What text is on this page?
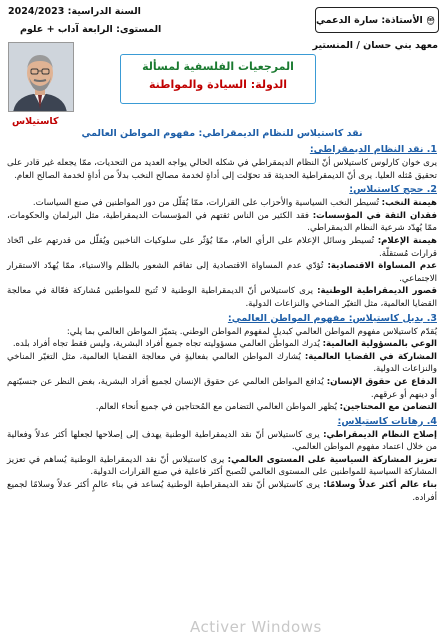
الأستاذة: سارة الدعمي
معهد بني حسان / المنستير
السنة الدراسية: 2024/2023
المستوى: الرابعة آداب + علوم
المرجعيات الفلسفية لمسألة
الدولة: السيادة والمواطنة
كاستيلاس
نقد كاستيلاس للنظام الديمقراطي: مفهوم المواطن العالمي
1. نقد النظام الديمقراطي:
يرى خوان كارلوس كاستيلاس أنّ النظام الديمقراطي في شكله الحالي يواجه العديد من التحديات، ممّا يجعله غير قادر على تحقيق مُثله العليا. يرى أنّ الديمقراطية الحديثة قد تحوّلت إلى أداةٍ لخدمة مصالح النخب بدلاً من أداةٍ لخدمة الصالح العام.
2. حجج كاستيلاس:
هيمنة النخب: تُسيطر النخب السياسية والأحزاب على القرارات، ممّا يُقلّل من دور المواطنين في صنع السياسات.
فقدان الثقة في المؤسسات: فقد الكثير من الناس ثقتهم في المؤسسات الديمقراطية، مثل البرلمان والحكومات، ممّا يُهدّد شرعية النظام الديمقراطي.
هيمنة الإعلام: تُسيطر وسائل الإعلام على الرأي العام، ممّا يُؤثّر على سلوكيات الناخبين ويُقلّل من قدرتهم على اتّخاذ قرارات مُستقلّة.
عدم المساواة الاقتصادية: تُؤدّي عدم المساواة الاقتصادية إلى تفاقم الشعور بالظلم والاستياء، ممّا يُهدّد الاستقرار الاجتماعي.
قصور الديمقراطية الوطنية: يرى كاستيلاس أنّ الديمقراطية الوطنية لا تُتيح للمواطنين مُشاركة فعّالة في معالجة القضايا العالمية، مثل التغيّر المناخي والنزاعات الدولية.
3. بديل كاستيلاس: مفهوم المواطن العالمي:
يُقدّم كاستيلاس مفهوم المواطن العالمي كبديلٍ لمفهوم المواطن الوطني. يتميّز المواطن العالمي بما يلي:
الوعي بالمسؤولية العالمية: يُدرك المواطن العالمي مسؤوليته تجاه جميع أفراد البشرية، وليس فقط تجاه أفراد بلده.
المشاركة في القضايا العالمية: يُشارك المواطن العالمي بفعاليةٍ في معالجة القضايا العالمية، مثل التغيّر المناخي والنزاعات الدولية.
الدفاع عن حقوق الإنسان: يُدافع المواطن العالمي عن حقوق الإنسان لجميع أفراد البشرية، بغض النظر عن جنسيّتهم أو دينهم أو عرقهم.
التضامن مع المحتاجين: يُظهر المواطن العالمي التضامن مع المُحتاجين في جميع أنحاء العالم.
4. رهانات كاستيلاس:
إصلاح النظام الديمقراطي: يرى كاستيلاس أنّ نقد الديمقراطية الوطنية يهدف إلى إصلاحها لجعلها أكثر عدلاً وفعالية من خلال اعتماد مفهوم المواطن العالمي.
تعزيز المشاركة السياسية على المستوى العالمي: يرى كاستيلاس أنّ نقد الديمقراطية الوطنية يُساهم في تعزيز المشاركة السياسية للمواطنين على المستوى العالمي لتُصبح أكثر فاعلية في صنع القرارات الدولية.
بناء عالم أكثر عدلاً وسلامًا: يرى كاستيلاس أنّ نقد الديمقراطية الوطنية يُساعد في بناء عالمٍ أكثر عدلاً وسلامًا لجميع أفراده.
Activer Windows
